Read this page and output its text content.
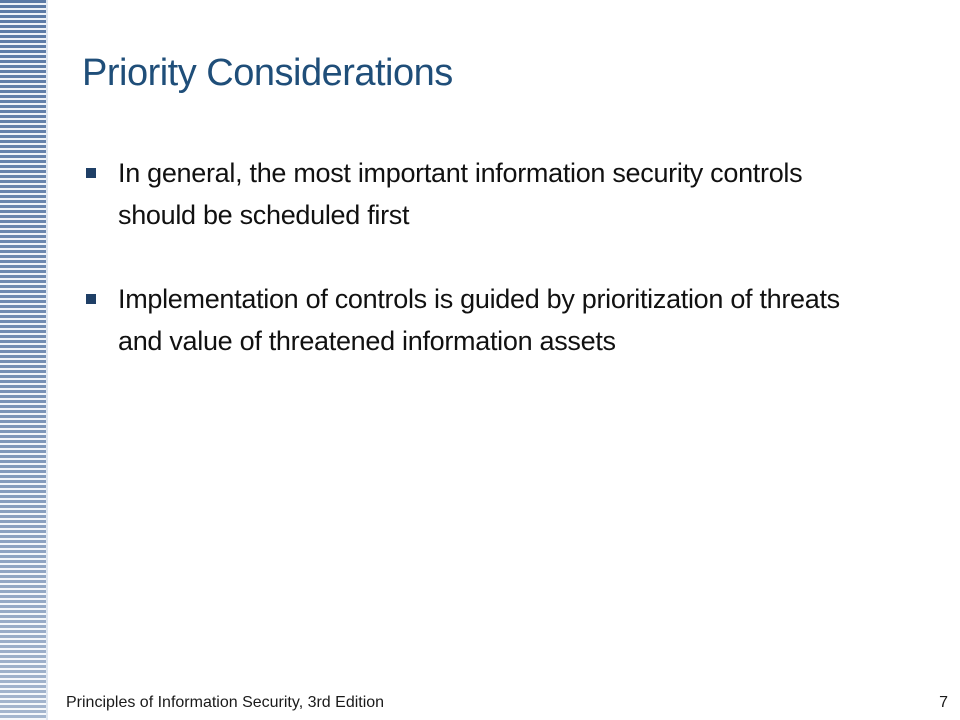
Priority Considerations
In general, the most important information security controls should be scheduled first
Implementation of controls is guided by prioritization of threats and value of threatened information assets
Principles of Information Security, 3rd Edition	7
